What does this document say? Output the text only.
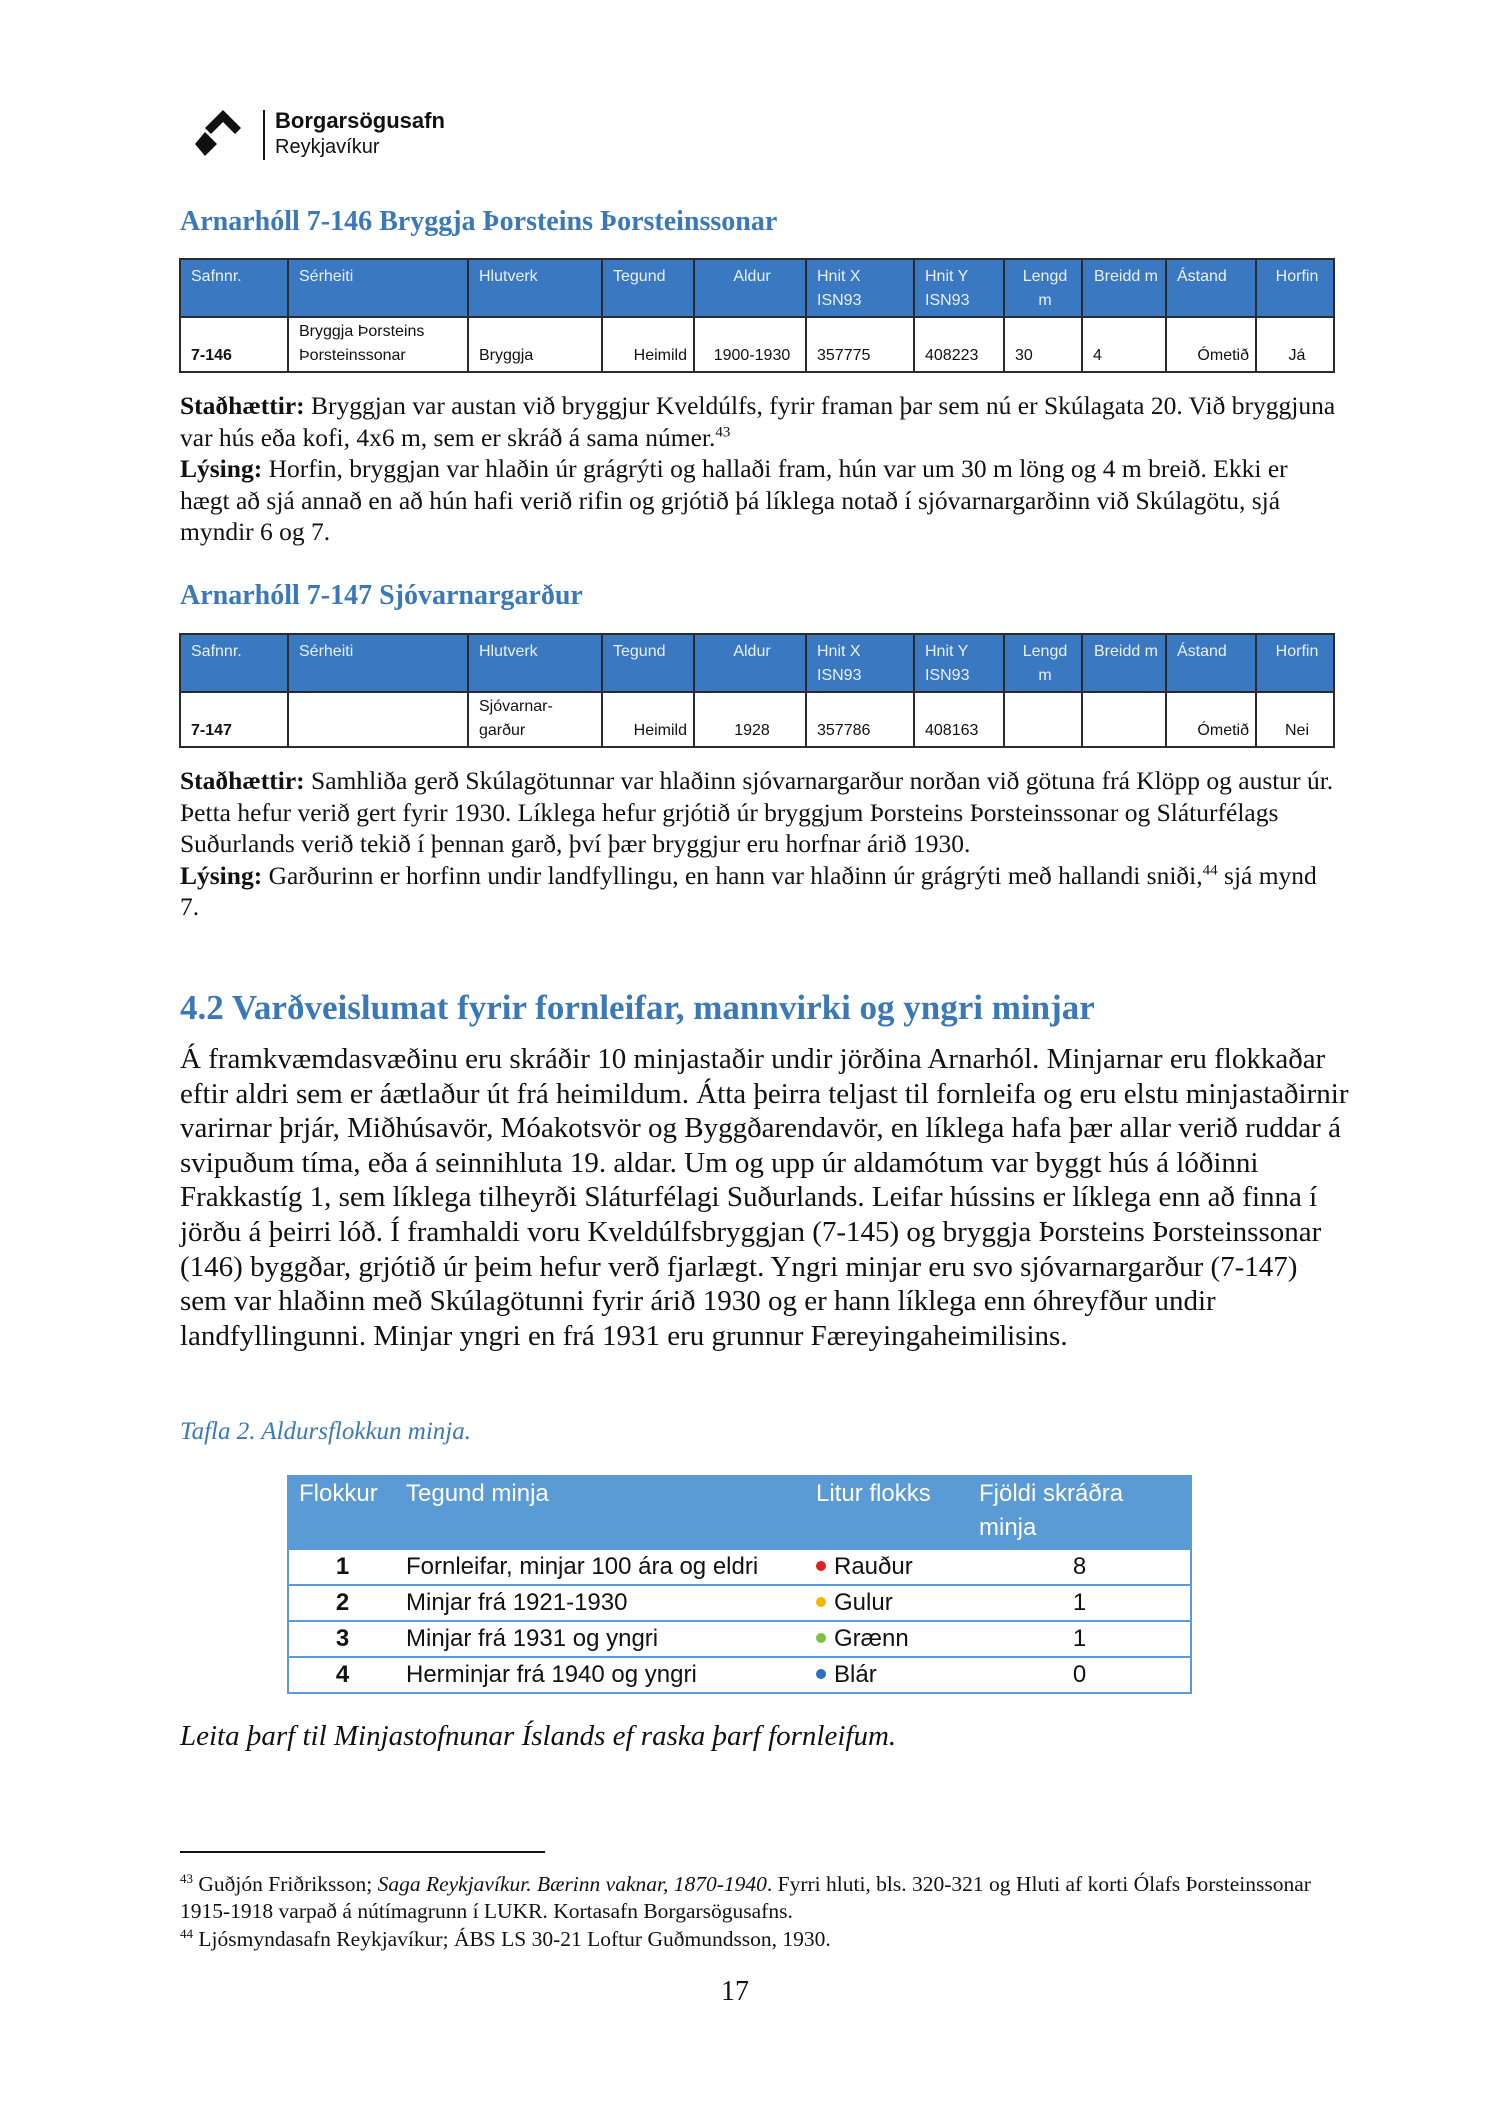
Borgarsögusafn
Reykjavíkur
Arnarhóll 7-146 Bryggja Þorsteins Þorsteinssonar
Safnnr.	Sérheiti	Hlutverk	Tegund	Aldur	Hnit X ISN93	Hnit Y ISN93	Lengd m	Breidd m	Ástand	Horfin
7-146	Bryggja Þorsteins Þorsteinssonar	Bryggja	Heimild	1900-1930	357775	408223	30	4	Ómetið	Já
Staðhættir: Bryggjan var austan við bryggjur Kveldúlfs, fyrir framan þar sem nú er Skúlagata 20. Við bryggjuna var hús eða kofi, 4x6 m, sem er skráð á sama númer.$^{43}$
Lýsing: Horfin, bryggjan var hlaðin úr grágrýti og hallaði fram, hún var um 30 m löng og 4 m breið. Ekki er hægt að sjá annað en að hún hafi verið rifin og grjótið þá líklega notað í sjóvarnargarðinn við Skúlagötu, sjá myndir 6 og 7.
Arnarhóll 7-147 Sjóvarnargarður
Safnnr.	Sérheiti	Hlutverk	Tegund	Aldur	Hnit X ISN93	Hnit Y ISN93	Lengd m	Breidd m	Ástand	Horfin
7-147		Sjóvarnar-garður	Heimild	1928	357786	408163			Ómetið	Nei
Staðhættir: Samhliða gerð Skúlagötunnar var hlaðinn sjóvarnargarður norðan við götuna frá Klöpp og austur úr. Þetta hefur verið gert fyrir 1930. Líklega hefur grjótið úr bryggjum Þorsteins Þorsteinssonar og Sláturfélags Suðurlands verið tekið í þennan garð, því þær bryggjur eru horfnar árið 1930.
Lýsing: Garðurinn er horfinn undir landfyllingu, en hann var hlaðinn úr grágrýti með hallandi sniði,$^{44}$ sjá mynd 7.
4.2 Varðveislumat fyrir fornleifar, mannvirki og yngri minjar
Á framkvæmdasvæðinu eru skráðir 10 minjastaðir undir jörðina Arnarhól. Minjarnar eru flokkaðar eftir aldri sem er áætlaður út frá heimildum. Átta þeirra teljast til fornleifa og eru elstu minjastaðirnir varirnar þrjár, Miðhúsavör, Móakotsvör og Byggðarendavör, en líklega hafa þær allar verið ruddar á svipuðum tíma, eða á seinnihluta 19. aldar. Um og upp úr aldamótum var byggt hús á lóðinni Frakkastíg 1, sem líklega tilheyrði Sláturfélagi Suðurlands. Leifar hússins er líklega enn að finna í jörðu á þeirri lóð. Í framhaldi voru Kveldúlfsbryggjan (7-145) og bryggja Þorsteins Þorsteinssonar (146) byggðar, grjótið úr þeim hefur verð fjarlægt. Yngri minjar eru svo sjóvarnargarður (7-147) sem var hlaðinn með Skúlagötunni fyrir árið 1930 og er hann líklega enn óhreyfður undir landfyllingunni. Minjar yngri en frá 1931 eru grunnur Færeyingaheimilisins.
Tafla 2. Aldursflokkun minja.
Flokkur	Tegund minja	Litur flokks	Fjöldi skráðra minja
1	Fornleifar, minjar 100 ára og eldri	Rauður	8
2	Minjar frá 1921-1930	Gulur	1
3	Minjar frá 1931 og yngri	Grænn	1
4	Herminjar frá 1940 og yngri	Blár	0
Leita þarf til Minjastofnunar Íslands ef raska þarf fornleifum.
$^{43}$ Guðjón Friðriksson; Saga Reykjavíkur. Bærinn vaknar, 1870-1940. Fyrri hluti, bls. 320-321 og Hluti af korti Ólafs Þorsteinssonar 1915-1918 varpað á nútímagrunn í LUKR. Kortasafn Borgarsögusafns.
$^{44}$ Ljósmyndasafn Reykjavíkur; ÁBS LS 30-21 Loftur Guðmundsson, 1930.
17
